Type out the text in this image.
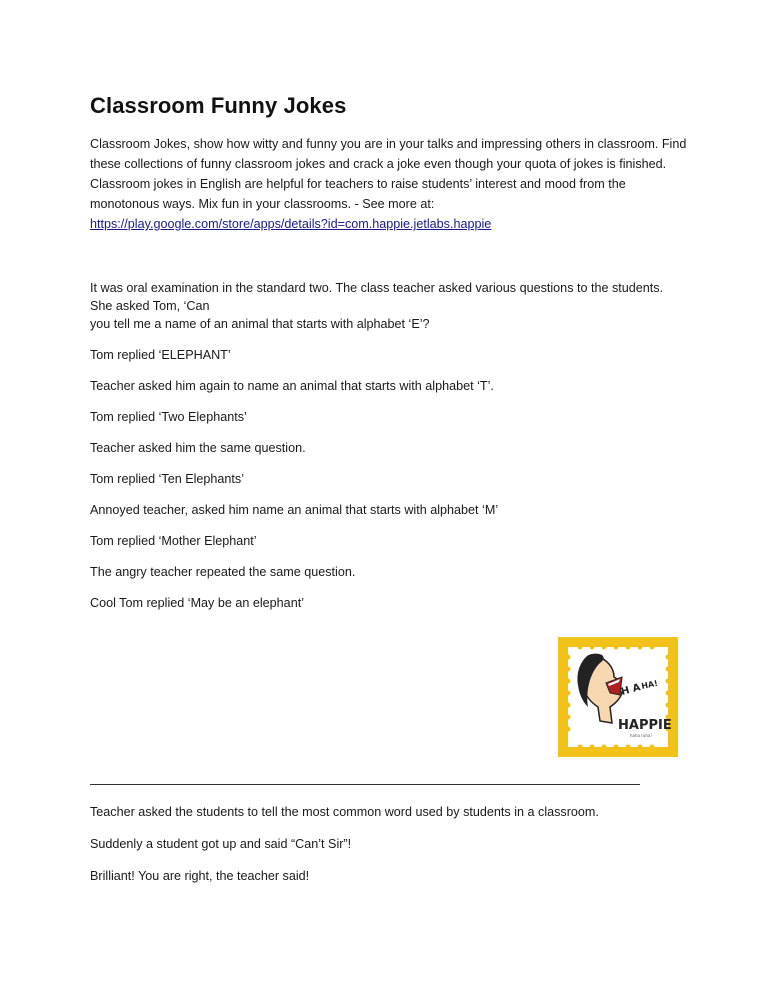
Classroom Funny Jokes

Classroom Jokes, show how witty and funny you are in your talks and impressing others in classroom. Find these collections of funny classroom jokes and crack a joke even though your quota of jokes is finished. Classroom jokes in English are helpful for teachers to raise students’ interest and mood from the monotonous ways. Mix fun in your classrooms. - See more at:
https://play.google.com/store/apps/details?id=com.happie.jetlabs.happie

It was oral examination in the standard two. The class teacher asked various questions to the students.
She asked Tom, ‘Can
you tell me a name of an animal that starts with alphabet ‘E’?

Tom replied ‘ELEPHANT’

Teacher asked him again to name an animal that starts with alphabet ‘T’.

Tom replied ‘Two Elephants’

Teacher asked him the same question.

Tom replied ‘Ten Elephants’

Annoyed teacher, asked him name an animal that starts with alphabet ‘M’

Tom replied ‘Mother Elephant’

The angry teacher repeated the same question.

Cool Tom replied ‘May be an elephant’

H A
HA!
HAPPIE
haha ruha!

Teacher asked the students to tell the most common word used by students in a classroom.

Suddenly a student got up and said “Can’t Sir”!

Brilliant! You are right, the teacher said!
